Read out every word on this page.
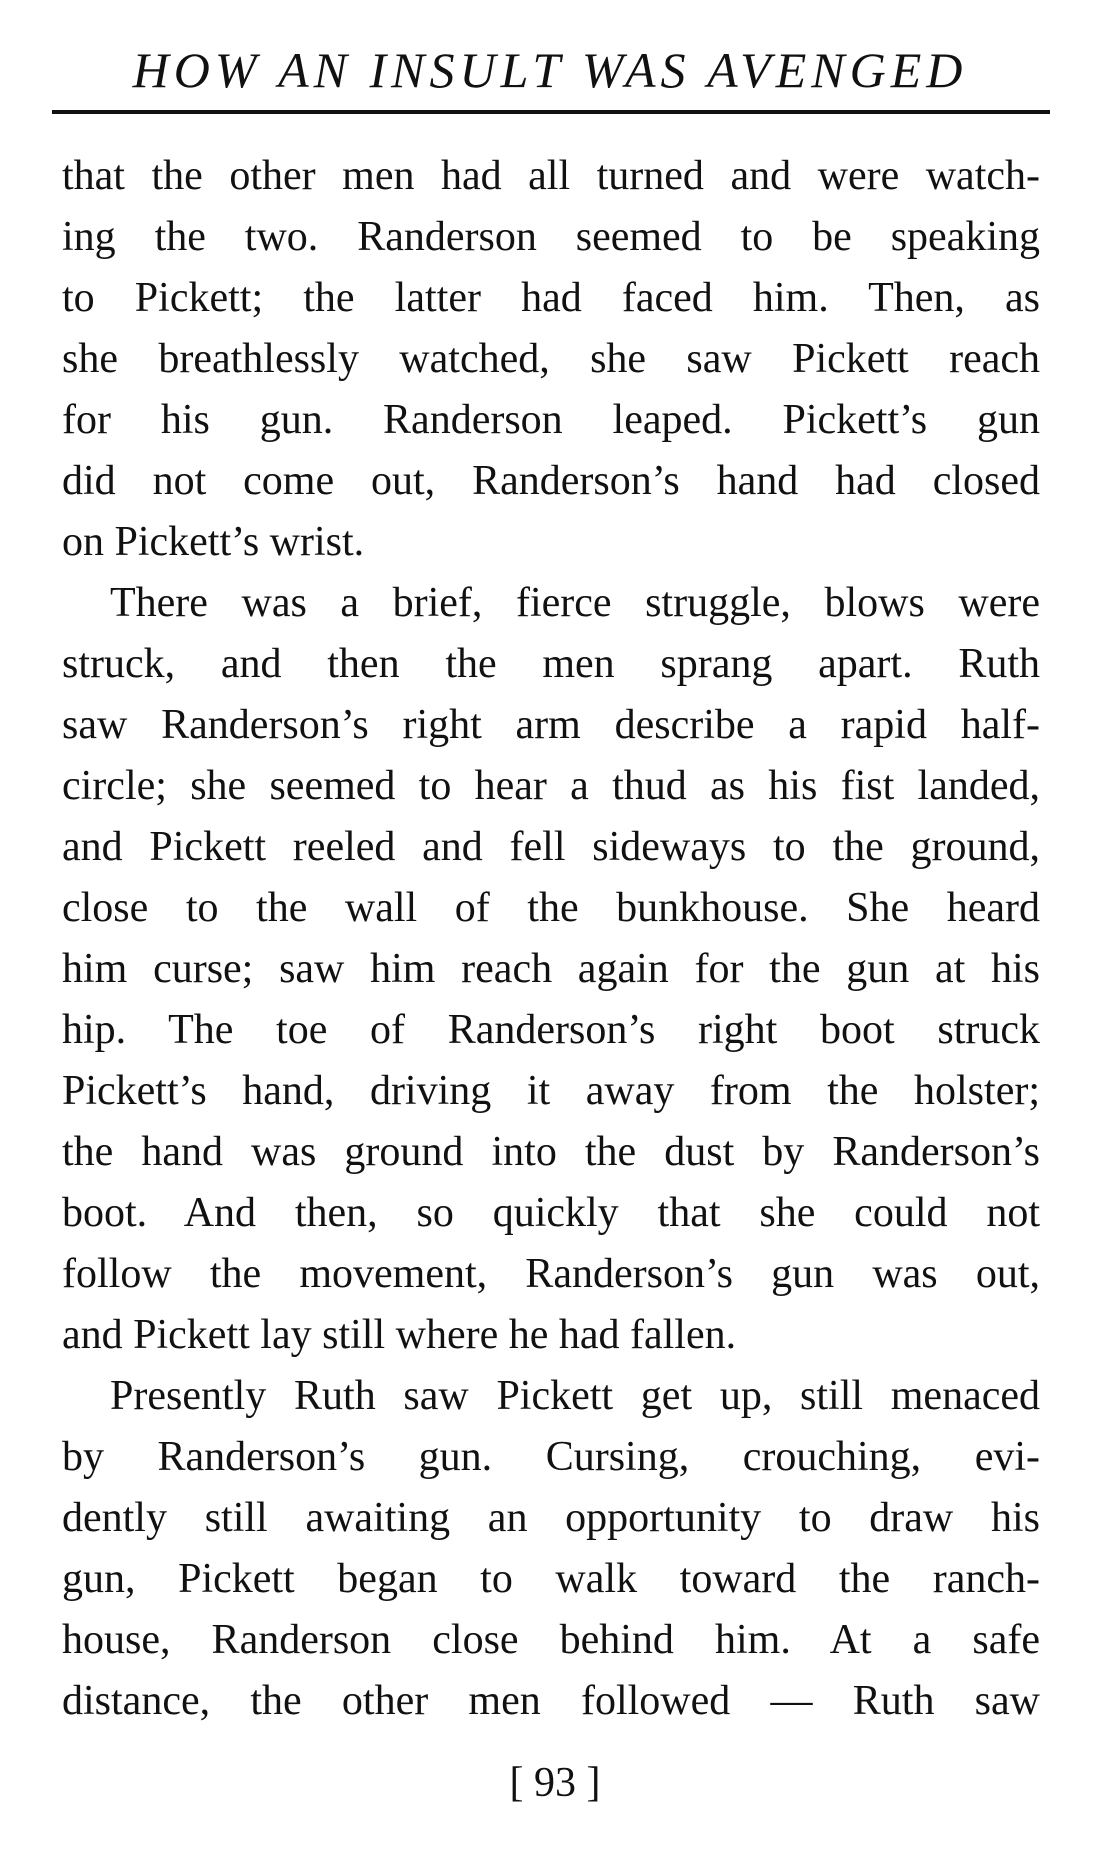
HOW AN INSULT WAS AVENGED
that the other men had all turned and were watch-
ing the two. Randerson seemed to be speaking
to Pickett; the latter had faced him. Then, as
she breathlessly watched, she saw Pickett reach
for his gun. Randerson leaped. Pickett’s gun
did not come out, Randerson’s hand had closed
on Pickett’s wrist.
There was a brief, fierce struggle, blows were
struck, and then the men sprang apart. Ruth
saw Randerson’s right arm describe a rapid half-
circle; she seemed to hear a thud as his fist landed,
and Pickett reeled and fell sideways to the ground,
close to the wall of the bunkhouse. She heard
him curse; saw him reach again for the gun at his
hip. The toe of Randerson’s right boot struck
Pickett’s hand, driving it away from the holster;
the hand was ground into the dust by Randerson’s
boot. And then, so quickly that she could not
follow the movement, Randerson’s gun was out,
and Pickett lay still where he had fallen.
Presently Ruth saw Pickett get up, still menaced
by Randerson’s gun. Cursing, crouching, evi-
dently still awaiting an opportunity to draw his
gun, Pickett began to walk toward the ranch-
house, Randerson close behind him. At a safe
distance, the other men followed — Ruth saw
[ 93 ]
